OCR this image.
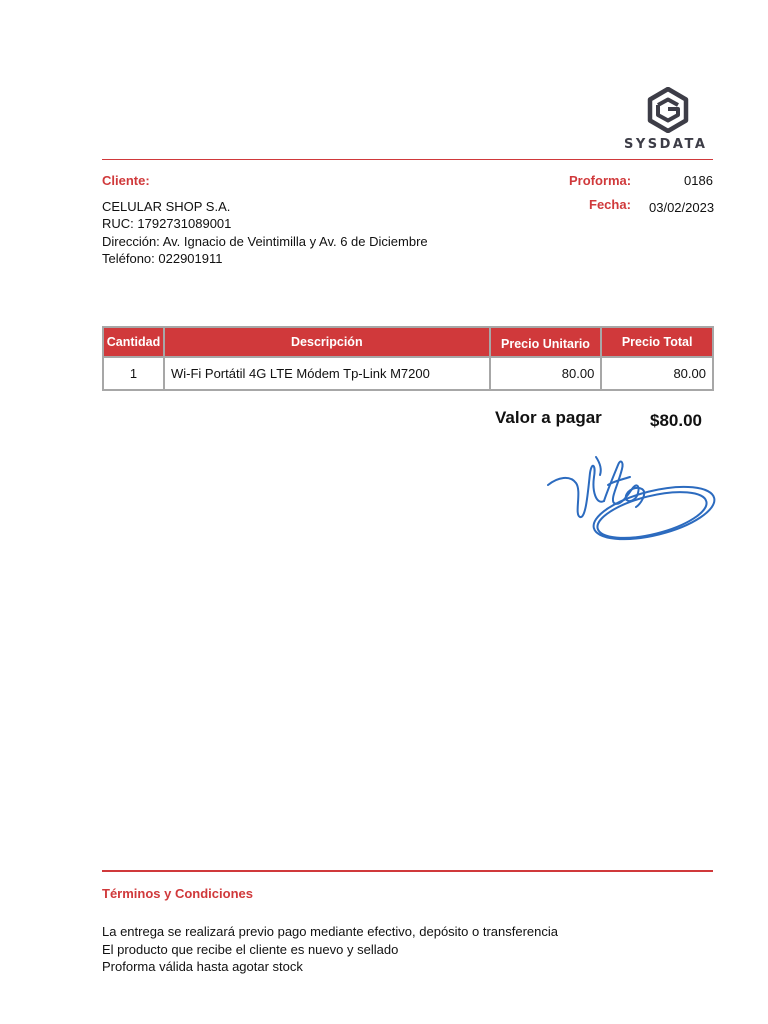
SYSDATA
Cliente:
CELULAR SHOP S.A.
RUC: 1792731089001
Dirección: Av. Ignacio de Veintimilla y Av. 6 de Diciembre
Teléfono: 022901911
Proforma:	0186
Fecha: 03/02/2023
Cantidad	Descripción	Precio Unitario	Precio Total
1	Wi-Fi Portátil 4G LTE Módem Tp-Link M7200	80.00	80.00
Valor a pagar	$80.00
Términos y Condiciones
La entrega se realizará previo pago mediante efectivo, depósito o transferencia
El producto que recibe el cliente es nuevo y sellado
Proforma válida hasta agotar stock
